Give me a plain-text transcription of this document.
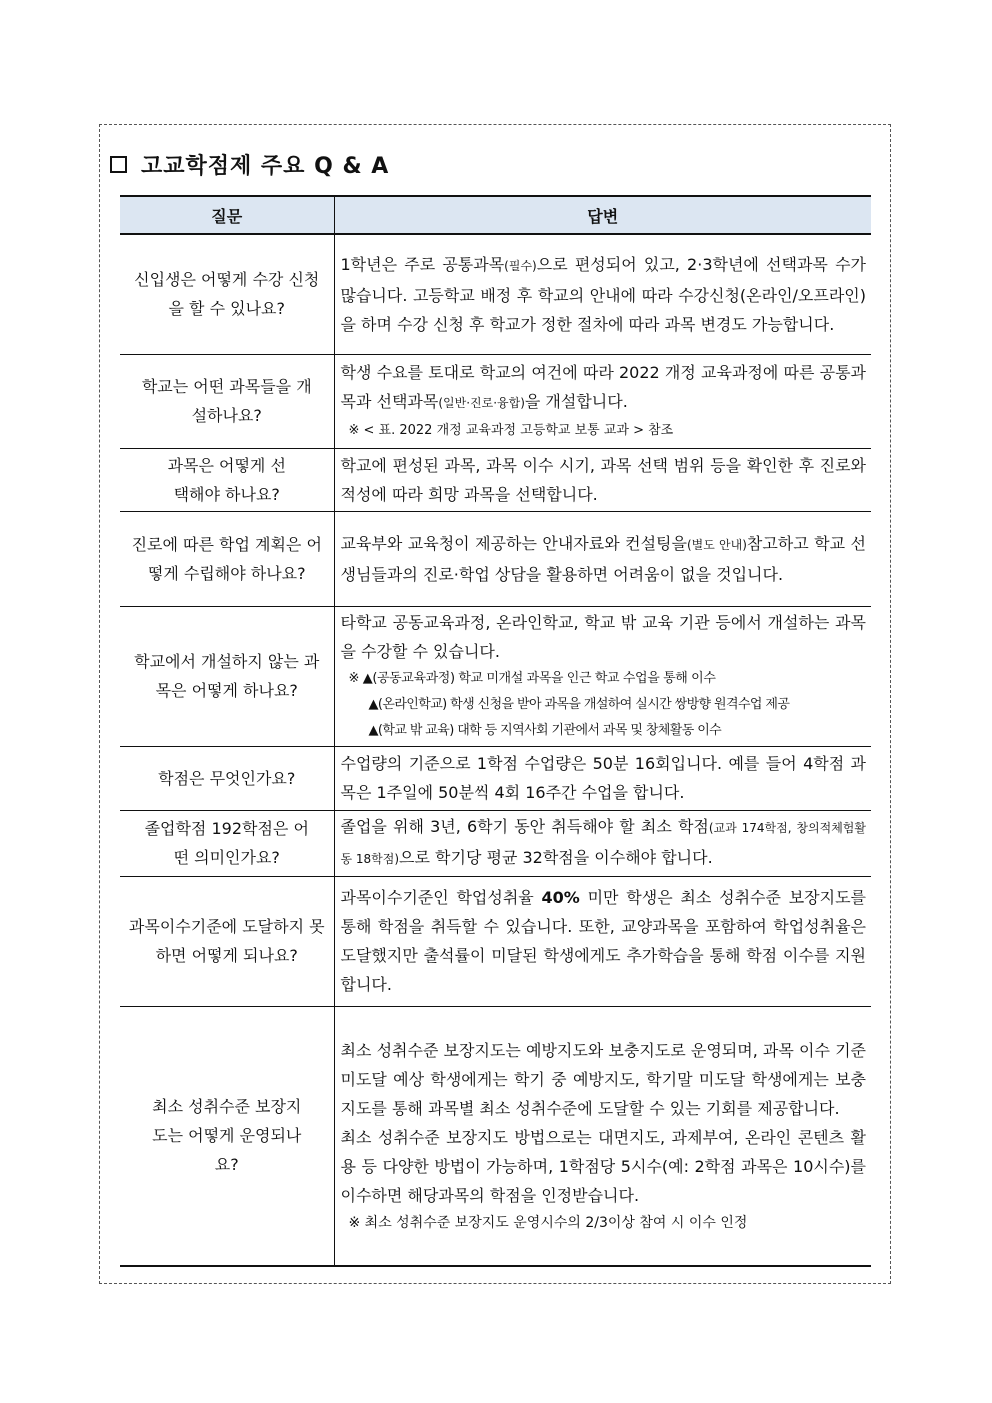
고교학점제 주요 Q & A
질문	답변
신입생은 어떻게 수강 신청을 할 수 있나요?	1학년은 주로 공통과목(필수)으로 편성되어 있고, 2·3학년에 선택과목 수가 많습니다. 고등학교 배정 후 학교의 안내에 따라 수강신청(온라인/오프라인)을 하며 수강 신청 후 학교가 정한 절차에 따라 과목 변경도 가능합니다.
학교는 어떤 과목들을 개설하나요?	학생 수요를 토대로 학교의 여건에 따라 2022 개정 교육과정에 따른 공통과목과 선택과목(일반·진로·융합)을 개설합니다.
※ < 표. 2022 개정 교육과정 고등학교 보통 교과 > 참조

과목은 어떻게 선택해야 하나요?	학교에 편성된 과목, 과목 이수 시기, 과목 선택 범위 등을 확인한 후 진로와 적성에 따라 희망 과목을 선택합니다.
진로에 따른 학업 계획은 어떻게 수립해야 하나요?	교육부와 교육청이 제공하는 안내자료와 컨설팅을(별도 안내)참고하고 학교 선생님들과의 진로·학업 상담을 활용하면 어려움이 없을 것입니다.
학교에서 개설하지 않는 과목은 어떻게 하나요?	타학교 공동교육과정, 온라인학교, 학교 밖 교육 기관 등에서 개설하는 과목을 수강할 수 있습니다.
※ ▲(공동교육과정) 학교 미개설 과목을 인근 학교 수업을 통해 이수
▲(온라인학교) 학생 신청을 받아 과목을 개설하여 실시간 쌍방향 원격수업 제공
▲(학교 밖 교육) 대학 등 지역사회 기관에서 과목 및 창체활동 이수

학점은 무엇인가요?	수업량의 기준으로 1학점 수업량은 50분 16회입니다. 예를 들어 4학점 과목은 1주일에 50분씩 4회 16주간 수업을 합니다.
졸업학점 192학점은 어떤 의미인가요?	졸업을 위해 3년, 6학기 동안 취득해야 할 최소 학점(교과 174학점, 창의적체험활동 18학점)으로 학기당 평균 32학점을 이수해야 합니다.
과목이수기준에 도달하지 못하면 어떻게 되나요?	과목이수기준인 학업성취율 40% 미만 학생은 최소 성취수준 보장지도를 통해 학점을 취득할 수 있습니다. 또한, 교양과목을 포함하여 학업성취율은 도달했지만 출석률이 미달된 학생에게도 추가학습을 통해 학점 이수를 지원합니다.
최소 성취수준 보장지도는 어떻게 운영되나요?	최소 성취수준 보장지도는 예방지도와 보충지도로 운영되며, 과목 이수 기준 미도달 예상 학생에게는 학기 중 예방지도, 학기말 미도달 학생에게는 보충지도를 통해 과목별 최소 성취수준에 도달할 수 있는 기회를 제공합니다.
최소 성취수준 보장지도 방법으로는 대면지도, 과제부여, 온라인 콘텐츠 활용 등 다양한 방법이 가능하며, 1학점당 5시수(예: 2학점 과목은 10시수)를 이수하면 해당과목의 학점을 인정받습니다.
※ 최소 성취수준 보장지도 운영시수의 2/3이상 참여 시 이수 인정
